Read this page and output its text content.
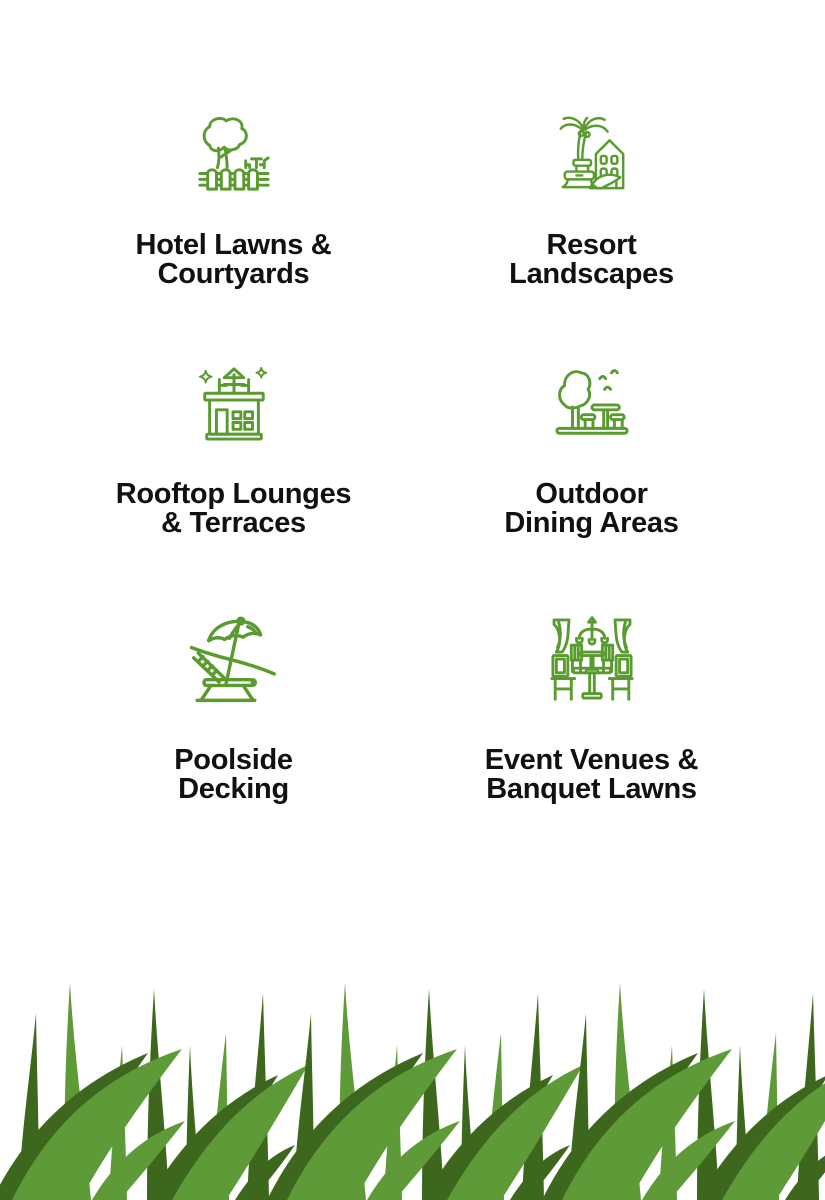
Hotel Lawns &
Courtyards
Resort
Landscapes
Rooftop Lounges
& Terraces
Outdoor
Dining Areas
Poolside
Decking
Event Venues &
Banquet Lawns
